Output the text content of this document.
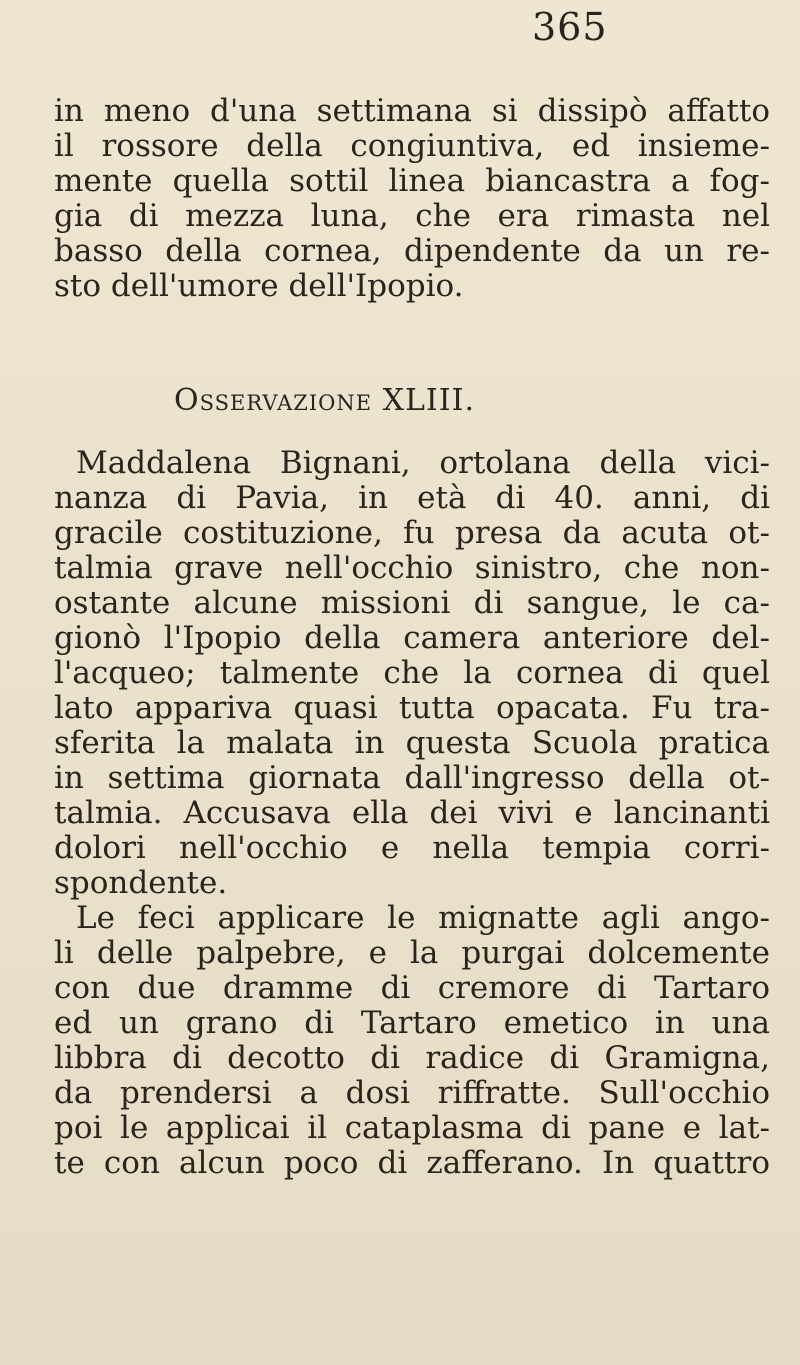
365
in meno d'una settimana si dissipò affatto
il rossore della congiuntiva, ed insieme-
mente quella sottil linea biancastra a fog-
gia di mezza luna, che era rimasta nel
basso della cornea, dipendente da un re-
sto dell'umore dell'Ipopio.
Osservazione XLIII.
Maddalena Bignani, ortolana della vici-
nanza di Pavia, in età di 40. anni, di
gracile costituzione, fu presa da acuta ot-
talmia grave nell'occhio sinistro, che non-
ostante alcune missioni di sangue, le ca-
gionò l'Ipopio della camera anteriore del-
l'acqueo; talmente che la cornea di quel
lato appariva quasi tutta opacata. Fu tra-
sferita la malata in questa Scuola pratica
in settima giornata dall'ingresso della ot-
talmia. Accusava ella dei vivi e lancinanti
dolori nell'occhio e nella tempia corri-
spondente.
Le feci applicare le mignatte agli ango-
li delle palpebre, e la purgai dolcemente
con due dramme di cremore di Tartaro
ed un grano di Tartaro emetico in una
libbra di decotto di radice di Gramigna,
da prendersi a dosi riffratte. Sull'occhio
poi le applicai il cataplasma di pane e lat-
te con alcun poco di zafferano. In quattro
